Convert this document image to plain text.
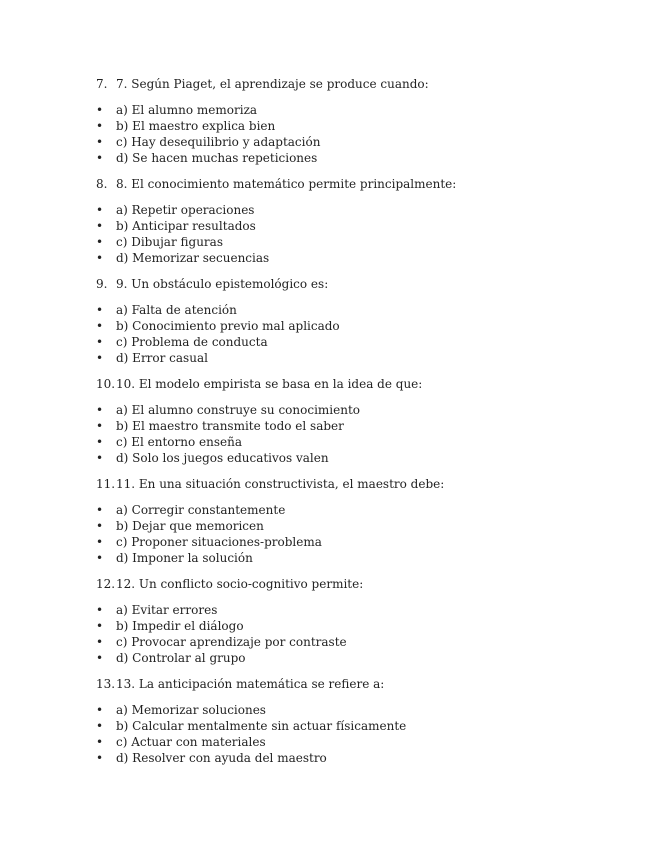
7. 7. Según Piaget, el aprendizaje se produce cuando:

•	a) El alumno memoriza
•	b) El maestro explica bien
•	c) Hay desequilibrio y adaptación
•	d) Se hacen muchas repeticiones

8. 8. El conocimiento matemático permite principalmente:

•	a) Repetir operaciones
•	b) Anticipar resultados
•	c) Dibujar figuras
•	d) Memorizar secuencias

9. 9. Un obstáculo epistemológico es:

•	a) Falta de atención
•	b) Conocimiento previo mal aplicado
•	c) Problema de conducta
•	d) Error casual

10. 10. El modelo empirista se basa en la idea de que:

•	a) El alumno construye su conocimiento
•	b) El maestro transmite todo el saber
•	c) El entorno enseña
•	d) Solo los juegos educativos valen

11. 11. En una situación constructivista, el maestro debe:

•	a) Corregir constantemente
•	b) Dejar que memoricen
•	c) Proponer situaciones-problema
•	d) Imponer la solución

12. 12. Un conflicto socio-cognitivo permite:

•	a) Evitar errores
•	b) Impedir el diálogo
•	c) Provocar aprendizaje por contraste
•	d) Controlar al grupo

13. 13. La anticipación matemática se refiere a:

•	a) Memorizar soluciones
•	b) Calcular mentalmente sin actuar físicamente
•	c) Actuar con materiales
•	d) Resolver con ayuda del maestro
